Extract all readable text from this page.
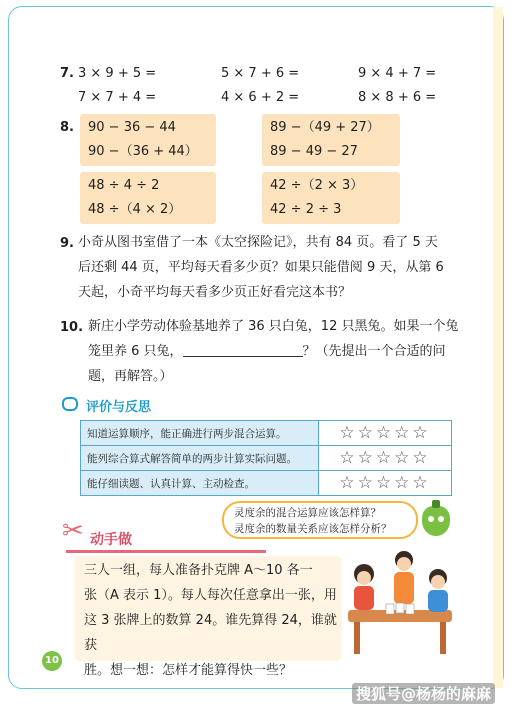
7. 3 × 9 + 5 =	5 × 7 + 6 =	9 × 4 + 7 =
7 × 7 + 4 =	4 × 6 + 2 =	8 × 8 + 6 =
8. 90 − 36 − 44
90 −（36 + 44）
89 −（49 + 27）
89 − 49 − 27
48 ÷ 4 ÷ 2
48 ÷（4 × 2）
42 ÷（2 × 3）
42 ÷ 2 ÷ 3
9. 小奇从图书室借了一本《太空探险记》，共有 84 页。看了 5 天
后还剩 44 页，平均每天看多少页？如果只能借阅 9 天，从第 6
天起，小奇平均每天看多少页正好看完这本书？
10. 新庄小学劳动体验基地养了 36 只白兔，12 只黑兔。如果一个兔
笼里养 6 只兔，	？（先提出一个合适的问
题，再解答。）
评价与反思
知道运算顺序，能正确进行两步混合运算。	☆☆☆☆☆
能列综合算式解答简单的两步计算实际问题。	☆☆☆☆☆
能仔细读题、认真计算、主动检查。	☆☆☆☆☆
灵度余的混合运算应该怎样算？
灵度余的数量关系应该怎样分析？
✂ 动手做
三人一组，每人准备扑克牌 A～10 各一
张（A 表示 1）。每人每次任意拿出一张，用
这 3 张牌上的数算 24。谁先算得 24，谁就获
胜。想一想：怎样才能算得快一些？
10
搜狐号@杨杨的麻麻
